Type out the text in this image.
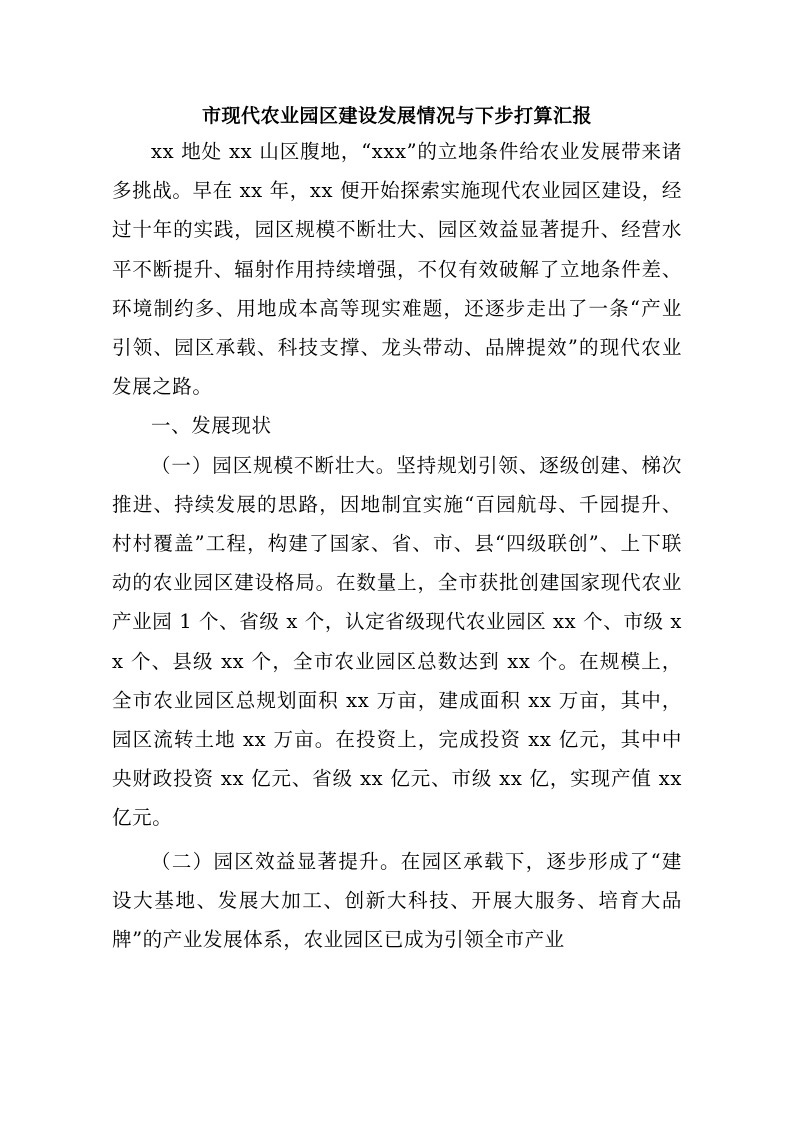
市现代农业园区建设发展情况与下步打算汇报

xx 地处 xx 山区腹地，“xxx”的立地条件给农业发展带来诸多挑战。早在 xx 年，xx 便开始探索实施现代农业园区建设，经过十年的实践，园区规模不断壮大、园区效益显著提升、经营水平不断提升、辐射作用持续增强，不仅有效破解了立地条件差、环境制约多、用地成本高等现实难题，还逐步走出了一条“产业引领、园区承载、科技支撑、龙头带动、品牌提效”的现代农业发展之路。

一、发展现状

（一）园区规模不断壮大。坚持规划引领、逐级创建、梯次推进、持续发展的思路，因地制宜实施“百园航母、千园提升、村村覆盖”工程，构建了国家、省、市、县“四级联创”、上下联动的农业园区建设格局。在数量上，全市获批创建国家现代农业产业园 1 个、省级 x 个，认定省级现代农业园区 xx 个、市级 xx 个、县级 xx 个，全市农业园区总数达到 xx 个。在规模上，全市农业园区总规划面积 xx 万亩，建成面积 xx 万亩，其中，园区流转土地 xx 万亩。在投资上，完成投资 xx 亿元，其中中央财政投资 xx 亿元、省级 xx 亿元、市级 xx 亿，实现产值 xx 亿元。

（二）园区效益显著提升。在园区承载下，逐步形成了“建设大基地、发展大加工、创新大科技、开展大服务、培育大品牌”的产业发展体系，农业园区已成为引领全市产业
